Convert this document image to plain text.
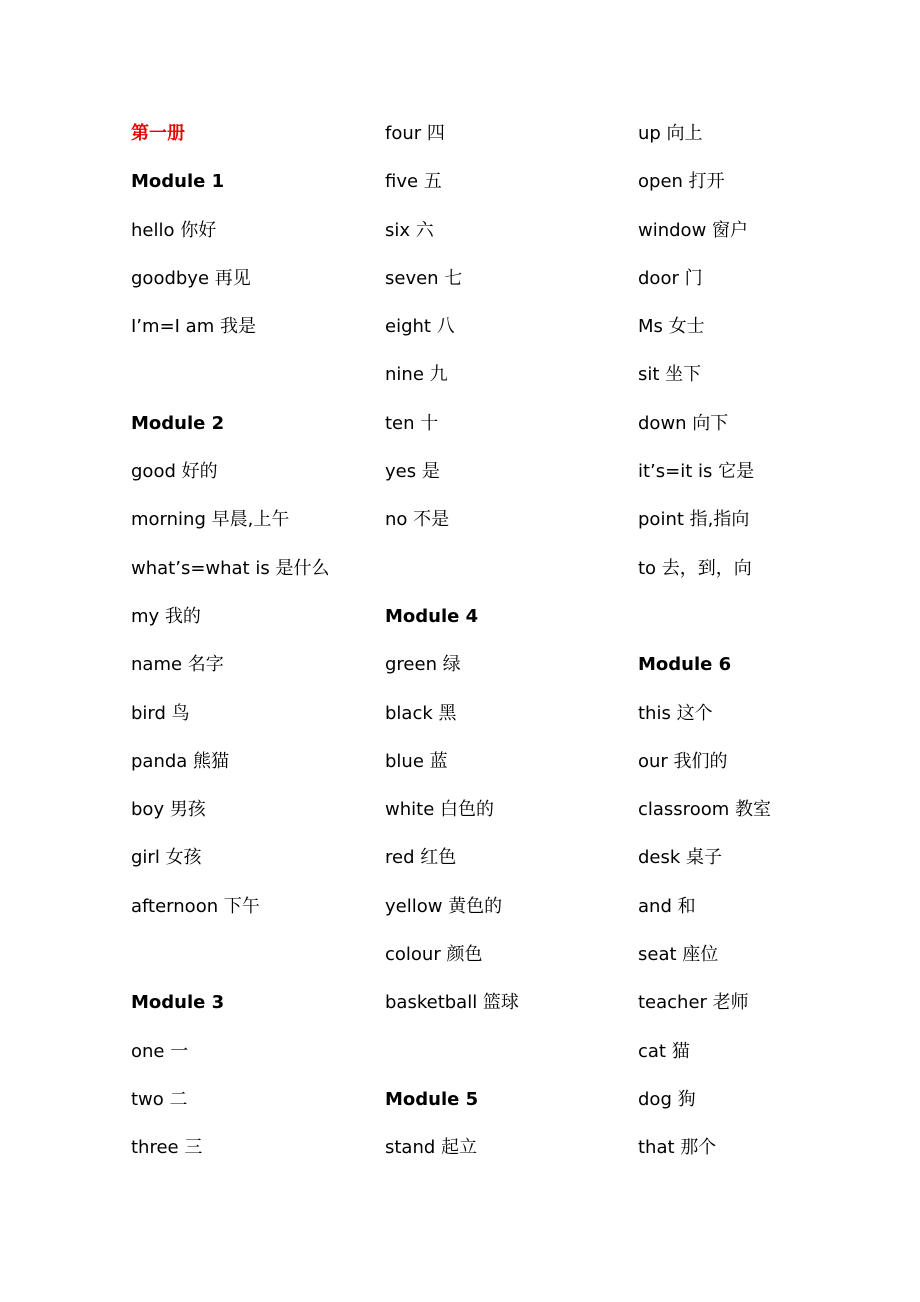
第一册
Module 1
hello 你好
goodbye 再见
I’m=I am 我是
Module 2
good 好的
morning 早晨,上午
what’s=what is 是什么
my 我的
name 名字
bird 鸟
panda 熊猫
boy 男孩
girl 女孩
afternoon 下午
Module 3
one 一
two 二
three 三
four 四
five 五
six 六
seven 七
eight 八
nine 九
ten 十
yes 是
no 不是
Module 4
green 绿
black 黑
blue 蓝
white 白色的
red 红色
yellow 黄色的
colour 颜色
basketball 篮球
Module 5
stand 起立
up 向上
open 打开
window 窗户
door 门
Ms 女士
sit 坐下
down 向下
it’s=it is 它是
point 指,指向
to 去，到，向
Module 6
this 这个
our 我们的
classroom 教室
desk 桌子
and 和
seat 座位
teacher 老师
cat 猫
dog 狗
that 那个
